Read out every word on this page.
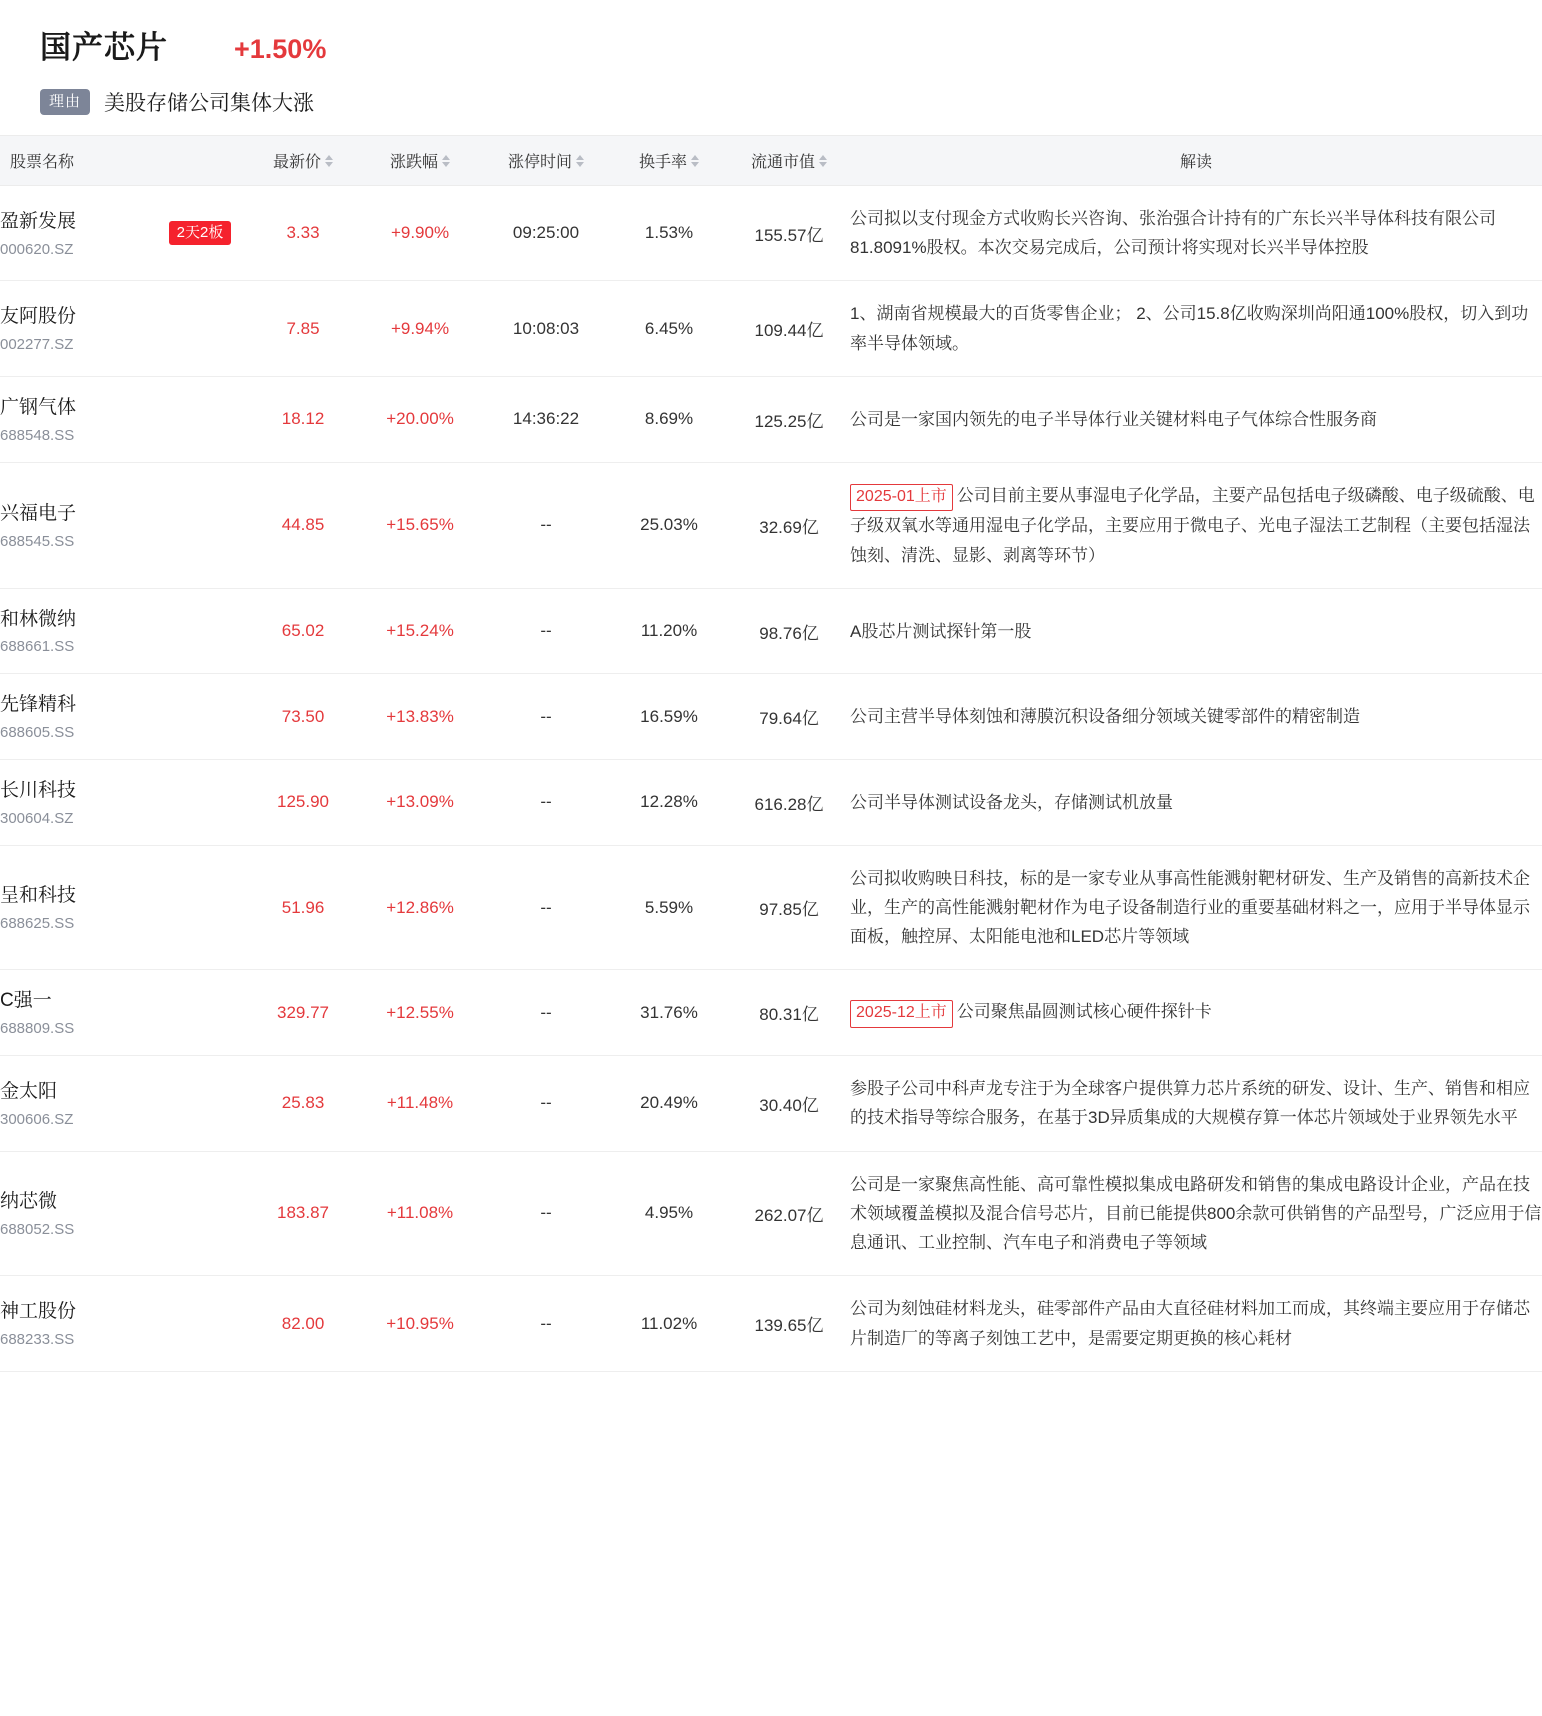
国产芯片 +1.50%
理由	美股存储公司集体大涨
股票名称		最新价	涨跌幅	涨停时间	换手率	流通市值	解读

盈新发展
000620.SZ	2天2板	3.33	+9.90%	09:25:00	1.53%	155.57亿	公司拟以支付现金方式收购长兴咨询、张治强合计持有的广东长兴半导体科技有限公司81.8091%股权。本次交易完成后，公司预计将实现对长兴半导体控股

友阿股份
002277.SZ		7.85	+9.94%	10:08:03	6.45%	109.44亿	1、湖南省规模最大的百货零售企业； 2、公司15.8亿收购深圳尚阳通100%股权，切入到功率半导体领域。

广钢气体
688548.SS		18.12	+20.00%	14:36:22	8.69%	125.25亿	公司是一家国内领先的电子半导体行业关键材料电子气体综合性服务商

兴福电子
688545.SS		44.85	+15.65%	--	25.03%	32.69亿	2025-01上市 公司目前主要从事湿电子化学品，主要产品包括电子级磷酸、电子级硫酸、电子级双氧水等通用湿电子化学品，主要应用于微电子、光电子湿法工艺制程（主要包括湿法蚀刻、清洗、显影、剥离等环节）

和林微纳
688661.SS		65.02	+15.24%	--	11.20%	98.76亿	A股芯片测试探针第一股

先锋精科
688605.SS		73.50	+13.83%	--	16.59%	79.64亿	公司主营半导体刻蚀和薄膜沉积设备细分领域关键零部件的精密制造

长川科技
300604.SZ		125.90	+13.09%	--	12.28%	616.28亿	公司半导体测试设备龙头，存储测试机放量

呈和科技
688625.SS		51.96	+12.86%	--	5.59%	97.85亿	公司拟收购映日科技，标的是一家专业从事高性能溅射靶材研发、生产及销售的高新技术企业，生产的高性能溅射靶材作为电子设备制造行业的重要基础材料之一，应用于半导体显示面板，触控屏、太阳能电池和LED芯片等领域

C强一
688809.SS		329.77	+12.55%	--	31.76%	80.31亿	2025-12上市 公司聚焦晶圆测试核心硬件探针卡

金太阳
300606.SZ		25.83	+11.48%	--	20.49%	30.40亿	参股子公司中科声龙专注于为全球客户提供算力芯片系统的研发、设计、生产、销售和相应的技术指导等综合服务，在基于3D异质集成的大规模存算一体芯片领域处于业界领先水平

纳芯微
688052.SS		183.87	+11.08%	--	4.95%	262.07亿	公司是一家聚焦高性能、高可靠性模拟集成电路研发和销售的集成电路设计企业，产品在技术领域覆盖模拟及混合信号芯片，目前已能提供800余款可供销售的产品型号，广泛应用于信息通讯、工业控制、汽车电子和消费电子等领域

神工股份
688233.SS		82.00	+10.95%	--	11.02%	139.65亿	公司为刻蚀硅材料龙头，硅零部件产品由大直径硅材料加工而成，其终端主要应用于存储芯片制造厂的等离子刻蚀工艺中，是需要定期更换的核心耗材
